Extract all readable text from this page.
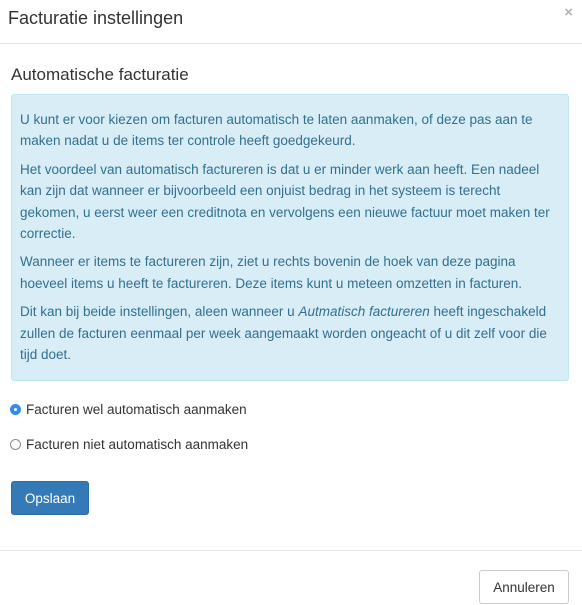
Facturatie instellingen	×
Automatische facturatie

U kunt er voor kiezen om facturen automatisch te laten aanmaken, of deze pas aan te maken nadat u de items ter controle heeft goedgekeurd.

Het voordeel van automatisch factureren is dat u er minder werk aan heeft. Een nadeel kan zijn dat wanneer er bijvoorbeeld een onjuist bedrag in het systeem is terecht gekomen, u eerst weer een creditnota en vervolgens een nieuwe factuur moet maken ter correctie.

Wanneer er items te factureren zijn, ziet u rechts bovenin de hoek van deze pagina hoeveel items u heeft te factureren. Deze items kunt u meteen omzetten in facturen.

Dit kan bij beide instellingen, aleen wanneer u Autmatisch factureren heeft ingeschakeld zullen de facturen eenmaal per week aangemaakt worden ongeacht of u dit zelf voor die tijd doet.

Facturen wel automatisch aanmaken
Facturen niet automatisch aanmaken
Opslaan
Annuleren
